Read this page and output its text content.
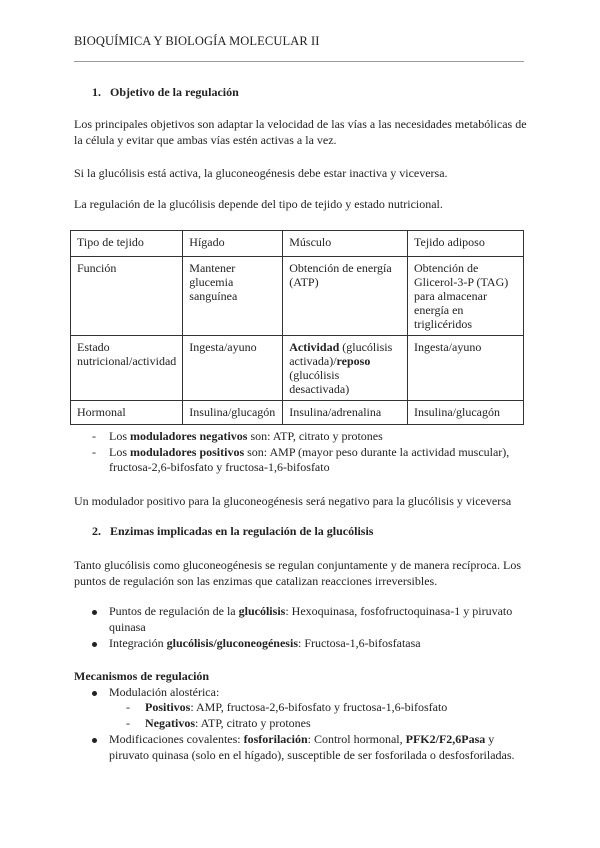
BIOQUÍMICA Y BIOLOGÍA MOLECULAR II
1. Objetivo de la regulación
Los principales objetivos son adaptar la velocidad de las vías a las necesidades metabólicas de la célula y evitar que ambas vías estén activas a la vez.
Si la glucólisis está activa, la gluconeogénesis debe estar inactiva y viceversa.
La regulación de la glucólisis depende del tipo de tejido y estado nutricional.
Tipo de tejido	Hígado	Músculo	Tejido adiposo
Función	Mantener glucemia sanguínea	Obtención de energía (ATP)	Obtención de Glicerol-3-P (TAG) para almacenar energía en triglicéridos
Estado nutricional/actividad	Ingesta/ayuno	Actividad (glucólisis activada)/reposo (glucólisis desactivada)	Ingesta/ayuno
Hormonal	Insulina/glucagón	Insulina/adrenalina	Insulina/glucagón
- Los moduladores negativos son: ATP, citrato y protones
- Los moduladores positivos son: AMP (mayor peso durante la actividad muscular), fructosa-2,6-bifosfato y fructosa-1,6-bifosfato
Un modulador positivo para la gluconeogénesis será negativo para la glucólisis y viceversa
2. Enzimas implicadas en la regulación de la glucólisis
Tanto glucólisis como gluconeogénesis se regulan conjuntamente y de manera recíproca. Los puntos de regulación son las enzimas que catalizan reacciones irreversibles.
Puntos de regulación de la glucólisis: Hexoquinasa, fosfofructoquinasa-1 y piruvato quinasa
Integración glucólisis/gluconeogénesis: Fructosa-1,6-bifosfatasa
Mecanismos de regulación
Modulación alostérica:
- Positivos: AMP, fructosa-2,6-bifosfato y fructosa-1,6-bifosfato
- Negativos: ATP, citrato y protones
Modificaciones covalentes: fosforilación: Control hormonal, PFK2/F2,6Pasa y piruvato quinasa (solo en el hígado), susceptible de ser fosforilada o desfosforiladas.
